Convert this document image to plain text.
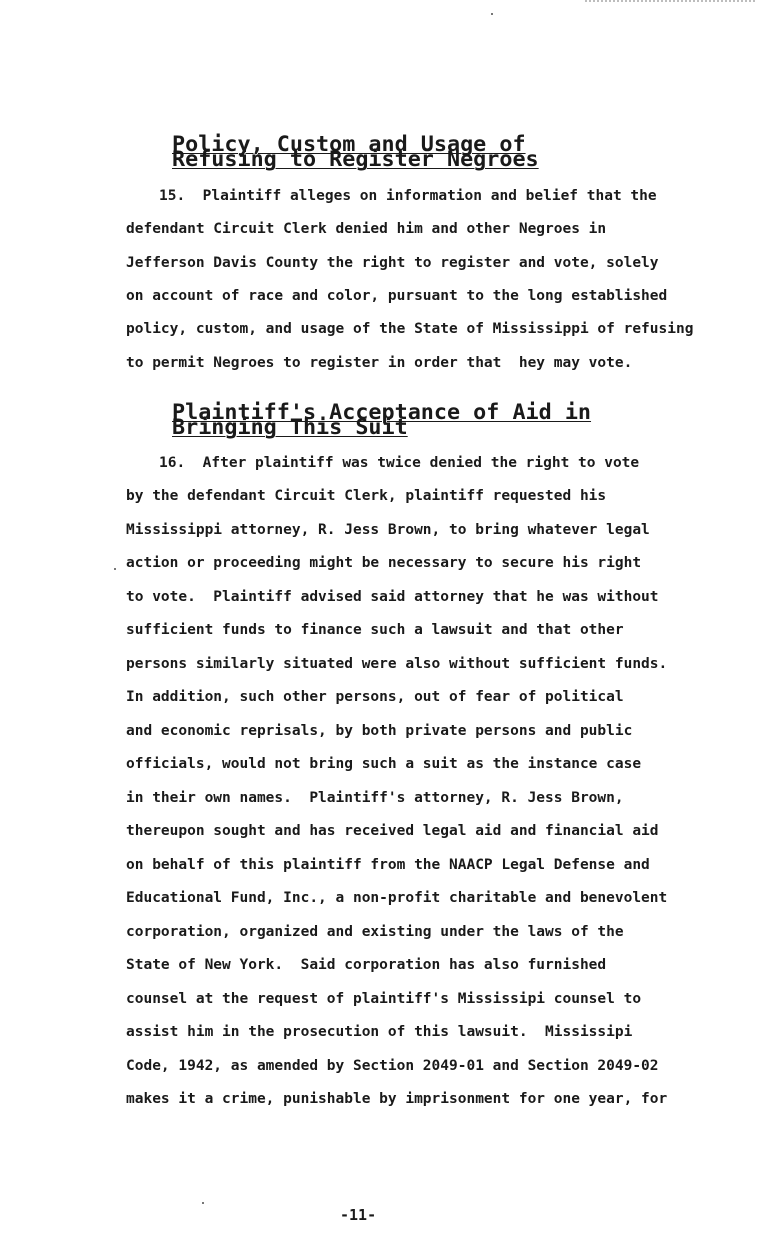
Policy, Custom and Usage of Refusing to Register Negroes

15.  Plaintiff alleges on information and belief that the

defendant Circuit Clerk denied him and other Negroes in

Jefferson Davis County the right to register and vote, solely

on account of race and color, pursuant to the long established

policy, custom, and usage of the State of Mississippi of refusing

to permit Negroes to register in order that  hey may vote.

Plaintiff's Acceptance of Aid in Bringing This Suit

16.  After plaintiff was twice denied the right to vote

by the defendant Circuit Clerk, plaintiff requested his

Mississippi attorney, R. Jess Brown, to bring whatever legal

action or proceeding might be necessary to secure his right

to vote.  Plaintiff advised said attorney that he was without

sufficient funds to finance such a lawsuit and that other

persons similarly situated were also without sufficient funds.

In addition, such other persons, out of fear of political

and economic reprisals, by both private persons and public

officials, would not bring such a suit as the instance case

in their own names.  Plaintiff's attorney, R. Jess Brown,

thereupon sought and has received legal aid and financial aid

on behalf of this plaintiff from the NAACP Legal Defense and

Educational Fund, Inc., a non-profit charitable and benevolent

corporation, organized and existing under the laws of the

State of New York.  Said corporation has also furnished

counsel at the request of plaintiff's Mississipi counsel to

assist him in the prosecution of this lawsuit.  Mississipi

Code, 1942, as amended by Section 2049-01 and Section 2049-02

makes it a crime, punishable by imprisonment for one year, for

-11-
